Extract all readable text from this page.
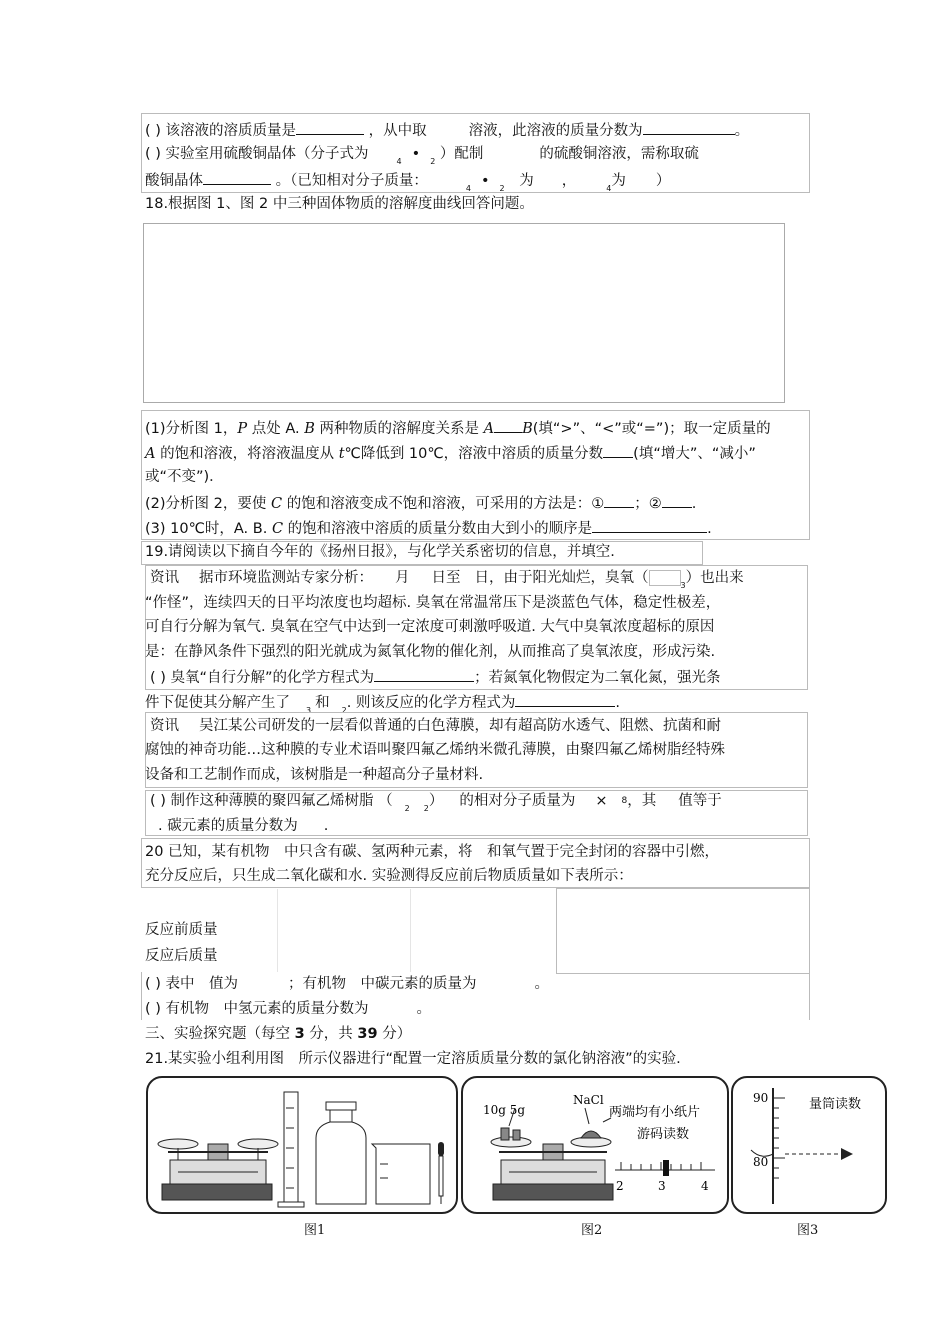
( ) 该溶液的溶质质量是	，从中取	溶液，此溶液的质量分数为	。
( ) 实验室用硫酸铜晶体（分子式为	$_4$ • $_2$ ）配制	的硫酸铜溶液，需称取硫
酸铜晶体	。（已知相对分子质量：	$_4$ • $_2$ 为 ，	$_4$为 ）
18.根据图 1、图 2 中三种固体物质的溶解度曲线回答问题。
(1)分析图 1，P 点处 A. B 两种物质的溶解度关系是 A B(填“>”、“<”或“=”)；取一定质量的
A 的饱和溶液，将溶液温度从 t℃降低到 10℃，溶液中溶质的质量分数 (填“增大”、“减小”
或“不变”)．
(2)分析图 2，要使 C 的饱和溶液变成不饱和溶液，可采用的方法是：① ；② .
(3) 10℃时，A. B. C 的饱和溶液中溶质的质量分数由大到小的顺序是	.
19.请阅读以下摘自今年的《扬州日报》，与化学关系密切的信息，并填空.
资讯 据市环境监测站专家分析： 月 日至 日，由于阳光灿烂，臭氧（	$_3$）也出来
“作怪”，连续四天的日平均浓度也均超标. 臭氧在常温常压下是淡蓝色气体，稳定性极差，
可自行分解为氧气. 臭氧在空气中达到一定浓度可刺激呼吸道. 大气中臭氧浓度超标的原因
是：在静风条件下强烈的阳光就成为氮氧化物的催化剂，从而推高了臭氧浓度，形成污染.
( ) 臭氧“自行分解”的化学方程式为	；若氮氧化物假定为二氧化氮，强光条
件下促使其分解产生了 $_3$ 和 $_2$. 则该反应的化学方程式为	.
资讯 吴江某公司研发的一层看似普通的白色薄膜，却有超高防水透气、阻燃、抗菌和耐
腐蚀的神奇功能…这种膜的专业术语叫聚四氟乙烯纳米微孔薄膜，由聚四氟乙烯树脂经特殊
设备和工艺制作而成，该树脂是一种超高分子量材料.
( ) 制作这种薄膜的聚四氟乙烯树脂 （ $_2$ $_2$） 的相对分子质量为 × $^8$，其 值等于
. 碳元素的质量分数为 .
20 已知，某有机物　中只含有碳、氢两种元素，将　和氧气置于完全封闭的容器中引燃，
充分反应后，只生成二氧化碳和水. 实验测得反应前后物质质量如下表所示：
反应前质量
反应后质量
( ) 表中　值为	；有机物　中碳元素的质量为	。
( ) 有机物　中氢元素的质量分数为	。
三、实验探究题（每空 3 分，共 39 分）
21.某实验小组利用图　所示仪器进行“配置一定溶质质量分数的氯化钠溶液”的实验.
图1
10g 5g
NaCl
两端均有小纸片
游码读数
2	3	4
图2
90
80
量筒读数
图3
